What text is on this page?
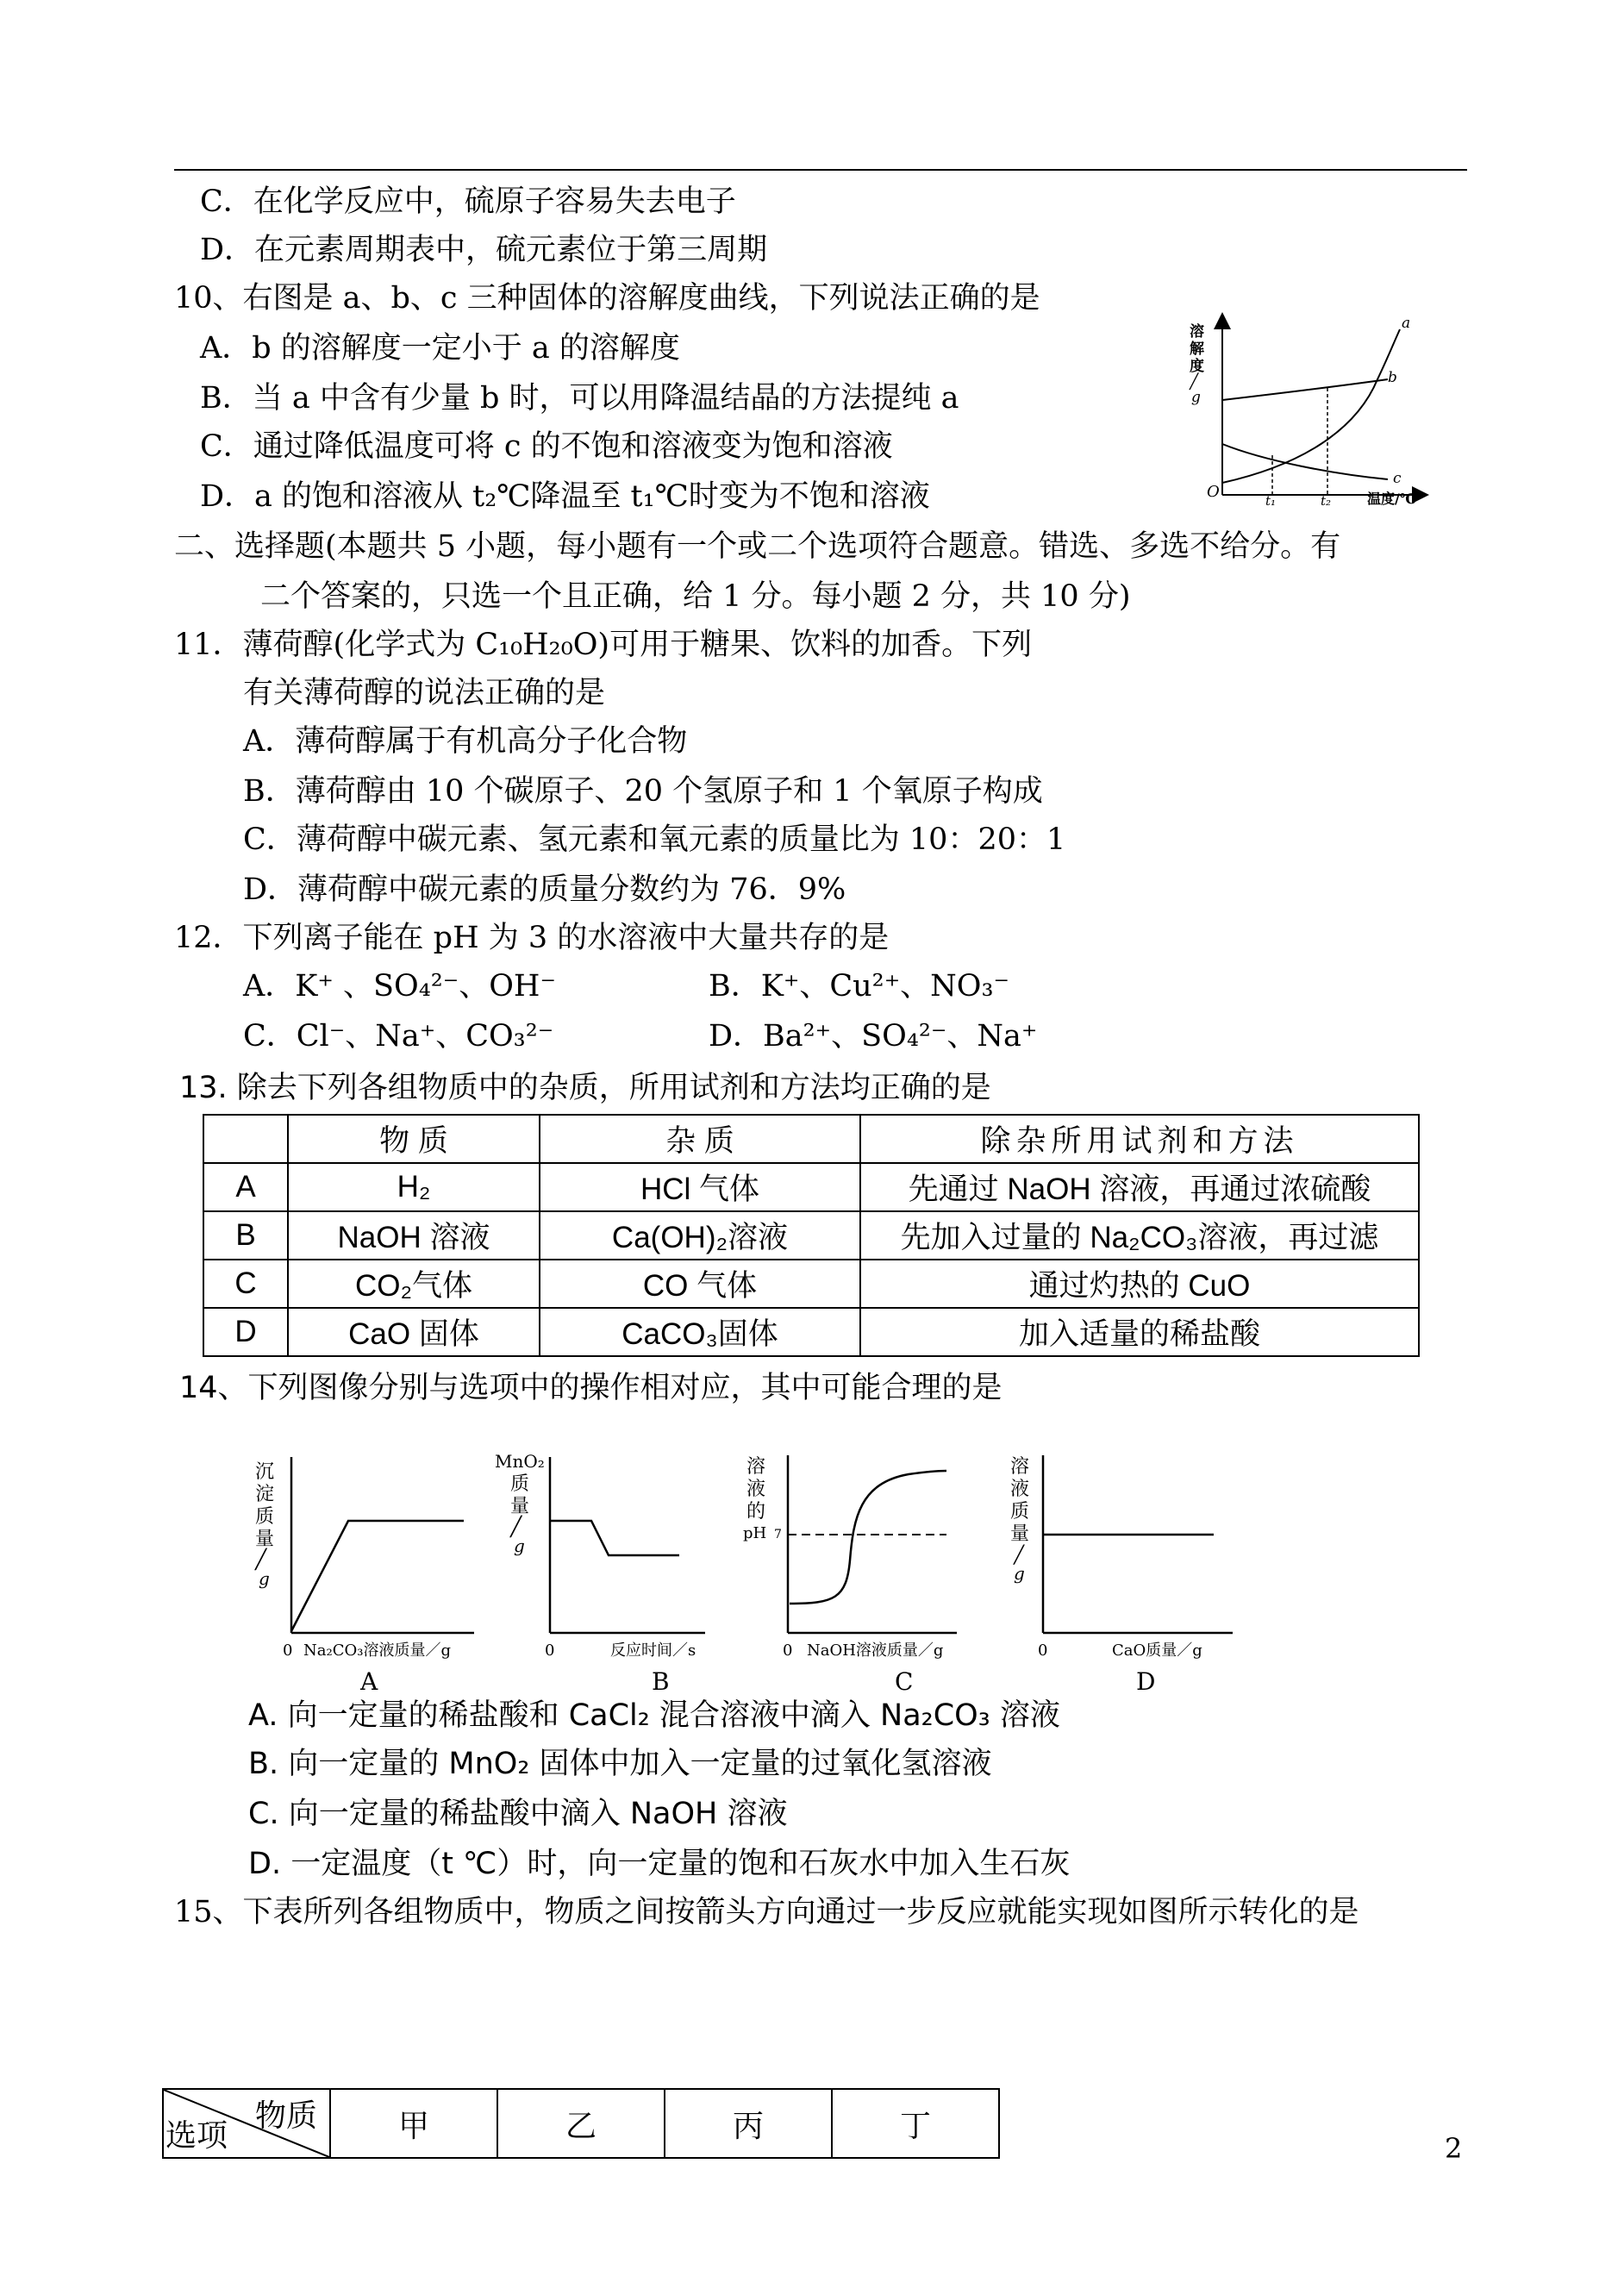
C．在化学反应中，硫原子容易失去电子
D．在元素周期表中，硫元素位于第三周期
10、右图是 a、b、c 三种固体的溶解度曲线，下列说法正确的是
A．b 的溶解度一定小于 a 的溶解度
B．当 a 中含有少量 b 时，可以用降温结晶的方法提纯 a
C．通过降低温度可将 c 的不饱和溶液变为饱和溶液
D．a 的饱和溶液从 t₂℃降温至 t₁℃时变为不饱和溶液
溶
解
度
╱
g
O	温度/℃
t₁	t₂
a
b
c
二、选择题(本题共 5 小题，每小题有一个或二个选项符合题意。错选、多选不给分。有
二个答案的，只选一个且正确，给 1 分。每小题 2 分，共 10 分)
11．薄荷醇(化学式为 C₁₀H₂₀O)可用于糖果、饮料的加香。下列
有关薄荷醇的说法正确的是
A．薄荷醇属于有机高分子化合物
B．薄荷醇由 10 个碳原子、20 个氢原子和 1 个氧原子构成
C．薄荷醇中碳元素、氢元素和氧元素的质量比为 10：20：1
D．薄荷醇中碳元素的质量分数约为 76．9%
12．下列离子能在 pH 为 3 的水溶液中大量共存的是
A．K⁺ 、SO₄²⁻、OH⁻	B．K⁺、Cu²⁺、NO₃⁻
C．Cl⁻、Na⁺、CO₃²⁻	D．Ba²⁺、SO₄²⁻、Na⁺
13. 除去下列各组物质中的杂质，所用试剂和方法均正确的是
	物 质	杂 质	除杂所用试剂和方法
A	H₂	HCl 气体	先通过 NaOH 溶液，再通过浓硫酸
B	NaOH 溶液	Ca(OH)₂溶液	先加入过量的 Na₂CO₃溶液，再过滤
C	CO₂气体	CO 气体	通过灼热的 CuO
D	CaO 固体	CaCO₃固体	加入适量的稀盐酸
14、下列图像分别与选项中的操作相对应，其中可能合理的是
沉
淀
质
量
╱
g
0 Na₂CO₃溶液质量／g
A
MnO₂
质
量
╱
g
0	反应时间／s
B
溶
液
的
pH 7
0 NaOH溶液质量／g
C
溶
液
质
量
╱
g
0	CaO质量／g
D
A. 向一定量的稀盐酸和 CaCl₂ 混合溶液中滴入 Na₂CO₃ 溶液
B. 向一定量的 MnO₂ 固体中加入一定量的过氧化氢溶液
C. 向一定量的稀盐酸中滴入 NaOH 溶液
D. 一定温度（t ℃）时，向一定量的饱和石灰水中加入生石灰
15、下表所列各组物质中，物质之间按箭头方向通过一步反应就能实现如图所示转化的是
物质
选项	甲	乙	丙	丁
2
